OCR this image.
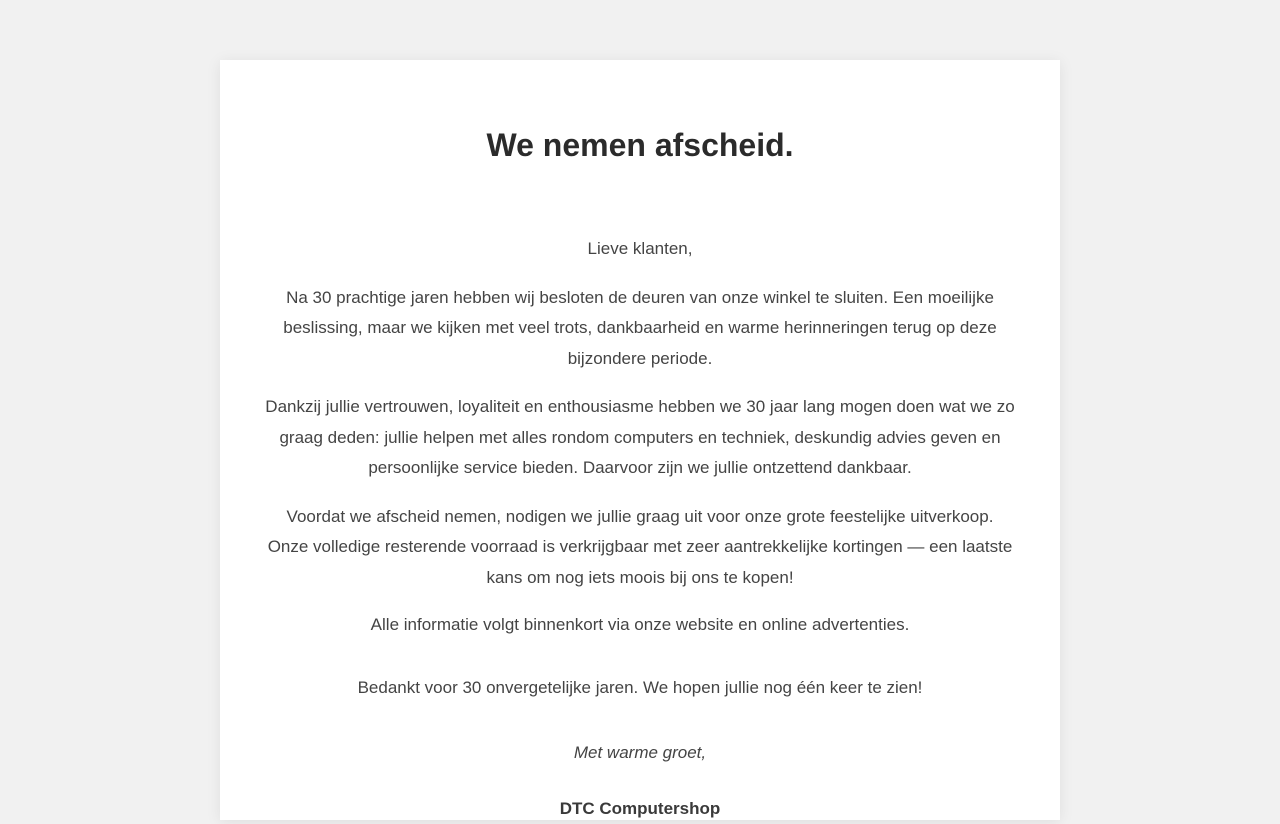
We nemen afscheid.

Lieve klanten,

Na 30 prachtige jaren hebben wij besloten de deuren van onze winkel te sluiten. Een moeilijke beslissing, maar we kijken met veel trots, dankbaarheid en warme herinneringen terug op deze bijzondere periode.

Dankzij jullie vertrouwen, loyaliteit en enthousiasme hebben we 30 jaar lang mogen doen wat we zo graag deden: jullie helpen met alles rondom computers en techniek, deskundig advies geven en persoonlijke service bieden. Daarvoor zijn we jullie ontzettend dankbaar.

Voordat we afscheid nemen, nodigen we jullie graag uit voor onze grote feestelijke uitverkoop. Onze volledige resterende voorraad is verkrijgbaar met zeer aantrekkelijke kortingen — een laatste kans om nog iets moois bij ons te kopen!

Alle informatie volgt binnenkort via onze website en online advertenties.

Bedankt voor 30 onvergetelijke jaren. We hopen jullie nog één keer te zien!

Met warme groet,

DTC Computershop
